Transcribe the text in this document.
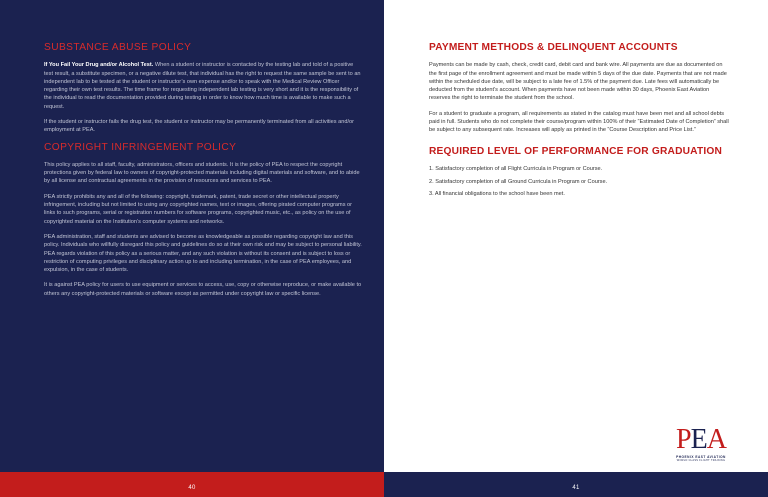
SUBSTANCE ABUSE POLICY

If You Fail Your Drug and/or Alcohol Test. When a student or instructor is contacted by the testing lab and told of a positive test result, a substitute specimen, or a negative dilute test, that individual has the right to request the same sample be sent to an independent lab to be tested at the student or instructor’s own expense and/or to speak with the Medical Review Officer regarding their own test results. The time frame for requesting independent lab testing is very short and it is the responsibility of the individual to read the documentation provided during testing in order to know how much time is available to make such a request.

If the student or instructor fails the drug test, the student or instructor may be permanently terminated from all activities and/or employment at PEA.

COPYRIGHT INFRINGEMENT POLICY

This policy applies to all staff, faculty, administrators, officers and students. It is the policy of PEA to respect the copyright protections given by federal law to owners of copyright-protected materials including digital materials and software, and to abide by all license and contractual agreements in the provision of resources and services to PEA.

PEA strictly prohibits any and all of the following: copyright, trademark, patent, trade secret or other intellectual property infringement, including but not limited to using any copyrighted names, text or images, offering pirated computer programs or links to such programs, serial or registration numbers for software programs, copyrighted music, etc., as policy on the use of copyrighted material on the Institution’s computer systems and networks.

PEA administration, staff and students are advised to become as knowledgeable as possible regarding copyright law and this policy. Individuals who willfully disregard this policy and guidelines do so at their own risk and may be subject to personal liability. PEA regards violation of this policy as a serious matter, and any such violation is without its consent and is subject to loss or restriction of computing privileges and disciplinary action up to and including termination, in the case of PEA employees, and expulsion, in the case of students.

It is against PEA policy for users to use equipment or services to access, use, copy or otherwise reproduce, or make available to others any copyright-protected materials or software except as permitted under copyright law or specific license.

40
PAYMENT METHODS & DELINQUENT ACCOUNTS

Payments can be made by cash, check, credit card, debit card and bank wire. All payments are due as documented on the first page of the enrollment agreement and must be made within 5 days of the due date. Payments that are not made within the scheduled due date, will be subject to a late fee of 1.5% of the payment due. Late fees will automatically be deducted from the student’s account. When payments have not been made within 30 days, Phoenix East Aviation reserves the right to terminate the student from the school.

For a student to graduate a program, all requirements as stated in the catalog must have been met and all school debts paid in full. Students who do not complete their course/program within 100% of their “Estimated Date of Completion” shall be subject to any subsequent rate. Increases will apply as printed in the “Course Description and Price List.”

REQUIRED LEVEL OF PERFORMANCE FOR GRADUATION
1. Satisfactory completion of all Flight Curricula in Program or Course.
2. Satisfactory completion of all Ground Curricula in Program or Course.
3. All financial obligations to the school have been met.
PEA
PHOENIX EAST AVIATION
WORLD CLASS FLIGHT TRAINING
41
